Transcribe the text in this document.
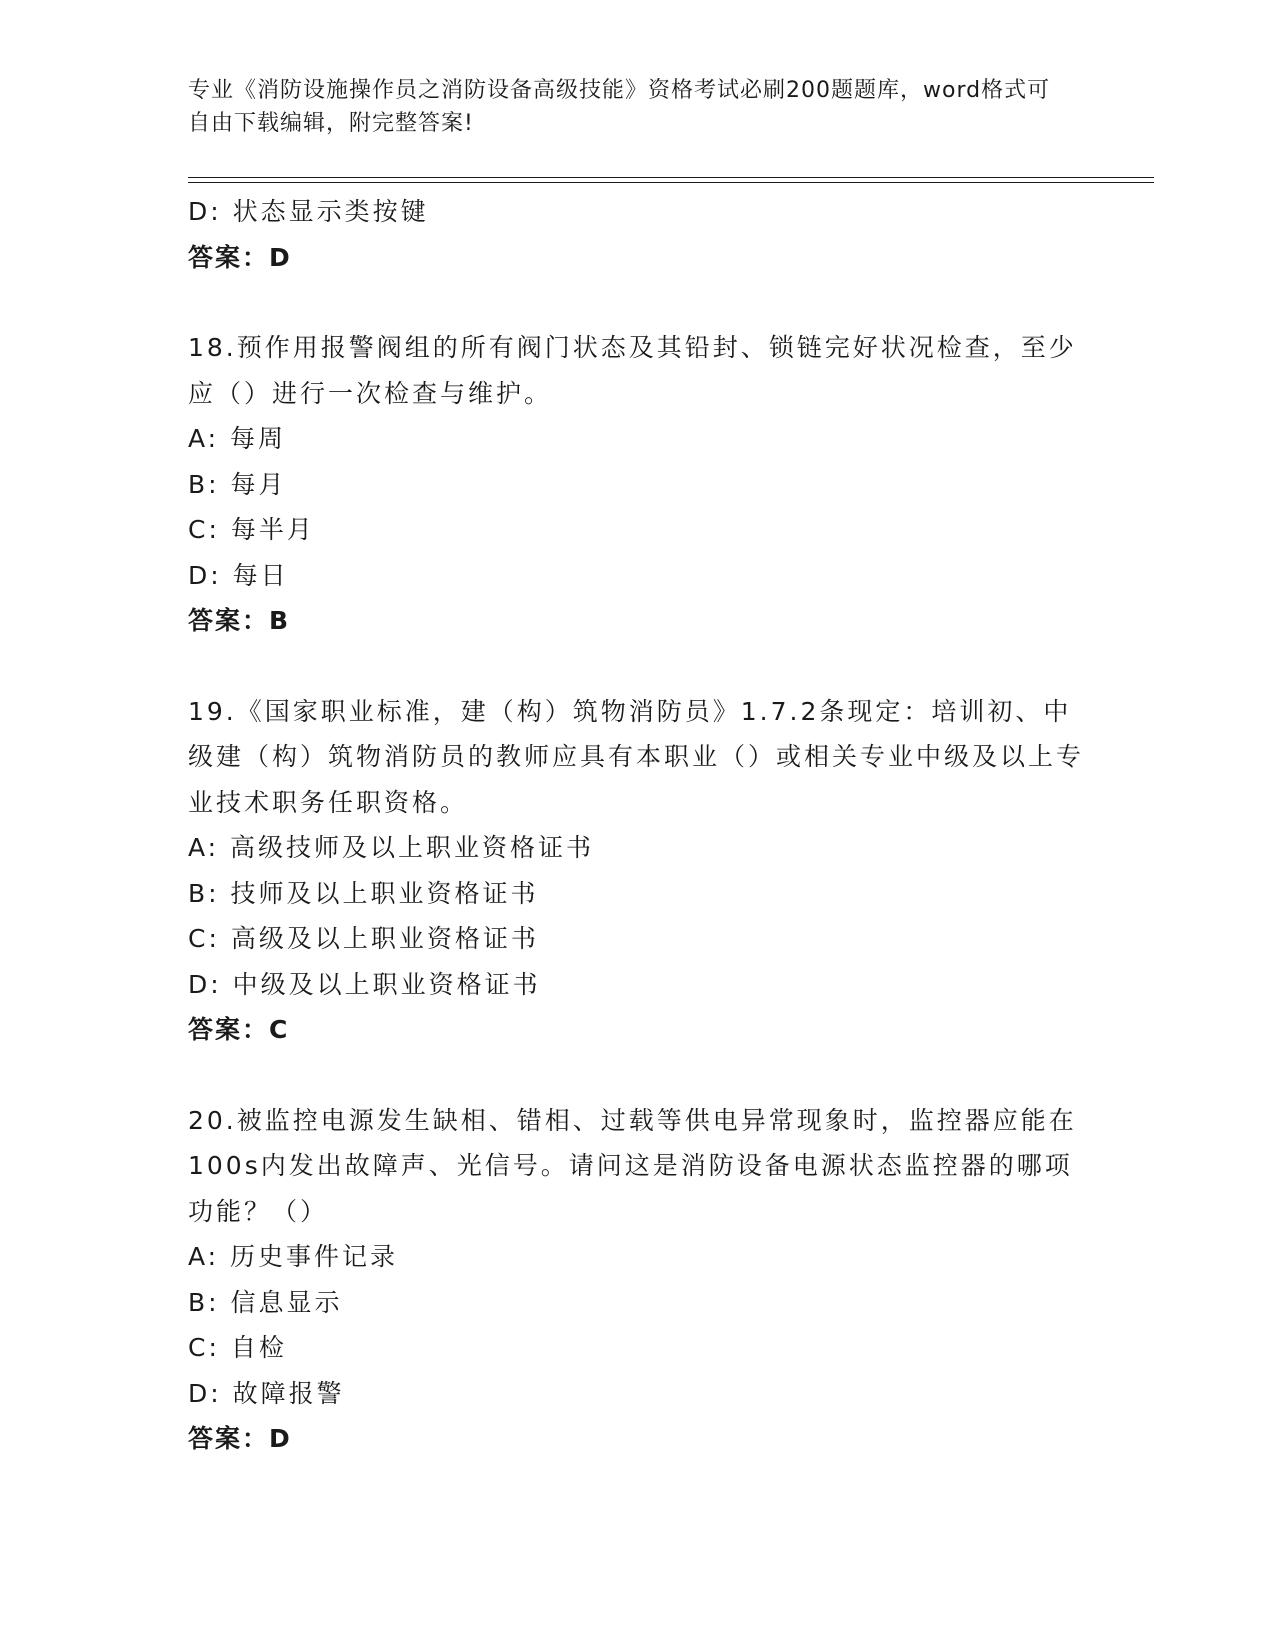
专业《消防设施操作员之消防设备高级技能》资格考试必刷200题题库，word格式可自由下载编辑，附完整答案!
D: 状态显示类按键
答案：D
18.预作用报警阀组的所有阀门状态及其铅封、锁链完好状况检查，至少应（）进行一次检查与维护。
A: 每周
B: 每月
C: 每半月
D: 每日
答案：B
19.《国家职业标准，建（构）筑物消防员》1.7.2条现定：培训初、中级建（构）筑物消防员的教师应具有本职业（）或相关专业中级及以上专业技术职务任职资格。
A: 高级技师及以上职业资格证书
B: 技师及以上职业资格证书
C: 高级及以上职业资格证书
D: 中级及以上职业资格证书
答案：C
20.被监控电源发生缺相、错相、过载等供电异常现象时，监控器应能在100s内发出故障声、光信号。请问这是消防设备电源状态监控器的哪项功能？（）
A: 历史事件记录
B: 信息显示
C: 自检
D: 故障报警
答案：D
